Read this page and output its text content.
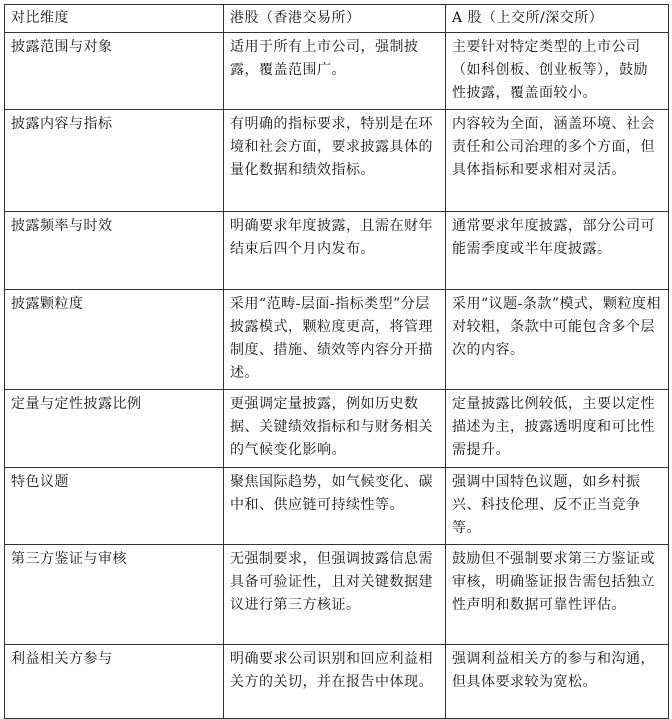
对比维度	港股（香港交易所）	A 股（上交所/深交所）
披露范围与对象	适用于所有上市公司，强制披露，覆盖范围广。	主要针对特定类型的上市公司（如科创板、创业板等），鼓励性披露，覆盖面较小。
披露内容与指标	有明确的指标要求，特别是在环境和社会方面，要求披露具体的量化数据和绩效指标。	内容较为全面，涵盖环境、社会责任和公司治理的多个方面，但具体指标和要求相对灵活。
披露频率与时效	明确要求年度披露，且需在财年结束后四个月内发布。	通常要求年度披露，部分公司可能需季度或半年度披露。
披露颗粒度	采用“范畴-层面-指标类型”分层披露模式，颗粒度更高，将管理制度、措施、绩效等内容分开描述。	采用“议题-条款”模式，颗粒度相对较粗，条款中可能包含多个层次的内容。
定量与定性披露比例	更强调定量披露，例如历史数据、关键绩效指标和与财务相关的气候变化影响。	定量披露比例较低，主要以定性描述为主，披露透明度和可比性需提升。
特色议题	聚焦国际趋势，如气候变化、碳中和、供应链可持续性等。	强调中国特色议题，如乡村振兴、科技伦理、反不正当竞争等。
第三方鉴证与审核	无强制要求，但强调披露信息需具备可验证性，且对关键数据建议进行第三方核证。	鼓励但不强制要求第三方鉴证或审核，明确鉴证报告需包括独立性声明和数据可靠性评估。
利益相关方参与	明确要求公司识别和回应利益相关方的关切，并在报告中体现。	强调利益相关方的参与和沟通，但具体要求较为宽松。
